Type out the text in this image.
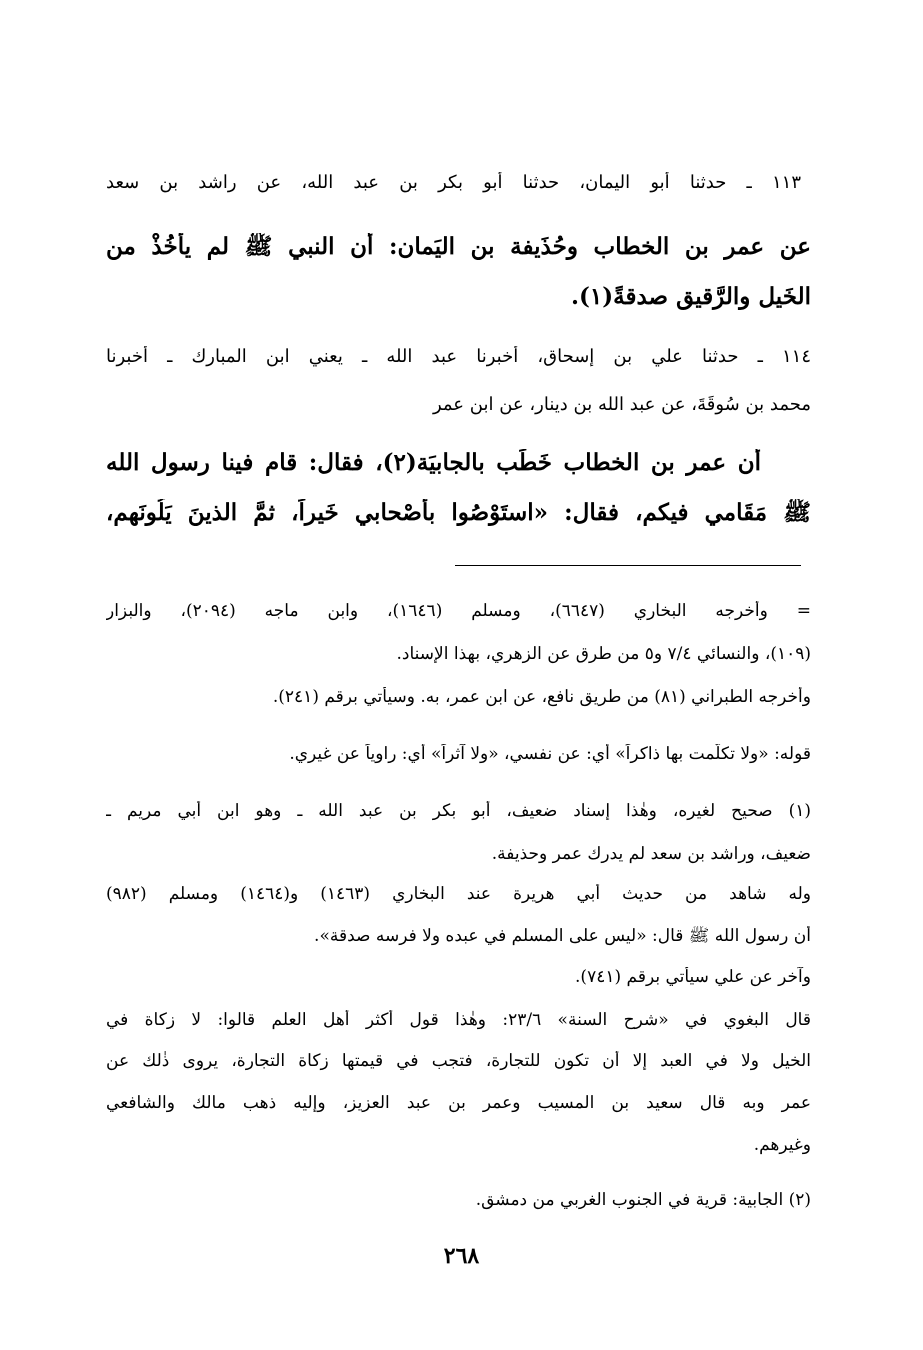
١١٣ ـ حدثنا أبو اليمان، حدثنا أبو بكر بن عبد الله، عن راشد بن سعد
عن عمر بن الخطاب وحُذَيفة بن اليَمان: أن النبي ﷺ لم يأخُذْ من
الخَيل والرَّقيق صدقةً(١).
١١٤ ـ حدثنا علي بن إسحاق، أخبرنا عبد الله ـ يعني ابن المبارك ـ أخبرنا
محمد بن سُوقَةَ، عن عبد الله بن دينار، عن ابن عمر
أن عمر بن الخطاب خَطَب بالجابيَة(٢)، فقال: قام فينا رسول الله
ﷺ مَقَامي فيكم، فقال: «استَوْصُوا بأَصْحابي خَيراً، ثمَّ الذينَ يَلُونَهم،
= وأخرجه البخاري (٦٦٤٧)، ومسلم (١٦٤٦)، وابن ماجه (٢٠٩٤)، والبزار
(١٠٩)، والنسائي ٧/٤ و٥ من طرق عن الزهري، بهذا الإسناد.
وأخرجه الطبراني (٨١) من طريق نافع، عن ابن عمر، به. وسيأتي برقم (٢٤١).
قوله: «ولا تكلَّمت بها ذاكراً» أي: عن نفسي، «ولا آثراً» أي: راوياً عن غيري.
(١) صحيح لغيره، وهٰذا إسناد ضعيف، أبو بكر بن عبد الله ـ وهو ابن أبي مريم ـ
ضعيف، وراشد بن سعد لم يدرك عمر وحذيفة.
وله شاهد من حديث أبي هريرة عند البخاري (١٤٦٣) و(١٤٦٤) ومسلم (٩٨٢)
أن رسول الله ﷺ قال: «ليس على المسلم في عبده ولا فرسه صدقة».
وآخر عن علي سيأتي برقم (٧٤١).
قال البغوي في «شرح السنة» ٢٣/٦: وهٰذا قول أكثر أهل العلم قالوا: لا زكاة في
الخيل ولا في العبد إلا أن تكون للتجارة، فتجب في قيمتها زكاة التجارة، يروى ذٰلك عن
عمر وبه قال سعيد بن المسيب وعمر بن عبد العزيز، وإليه ذهب مالك والشافعي
وغيرهم.
(٢) الجابية: قرية في الجنوب الغربي من دمشق.
٢٦٨
